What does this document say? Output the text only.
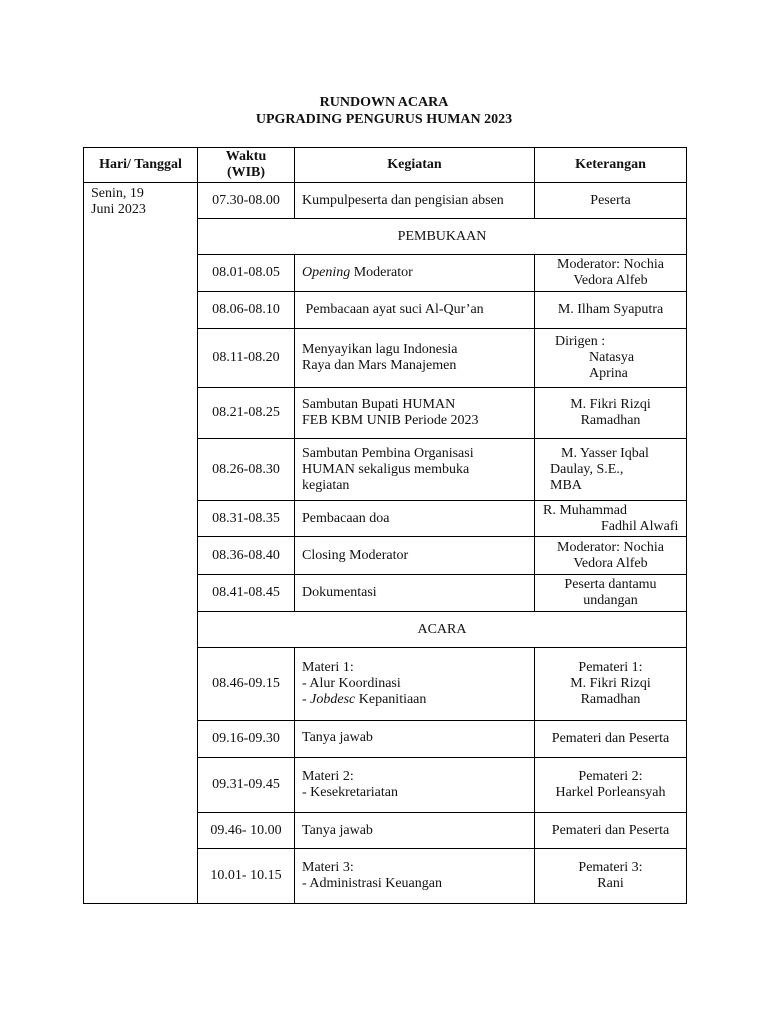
RUNDOWN ACARA
UPGRADING PENGURUS HUMAN 2023
Hari/ Tanggal	Waktu (WIB)	Kegiatan	Keterangan

Senin, 19
Juni 2023	07.30-08.00	Kumpulpeserta dan pengisian absen	Peserta
	PEMBUKAAN		
	08.01-08.05	Opening Moderator	Moderator: Nochia
Vedora Alfeb

	08.06-08.10	Pembacaan ayat suci Al-Qur’an	M. Ilham Syaputra
	08.11-08.20	Menyayikan lagu Indonesia
Raya dan Mars Manajemen	Dirigen :
Natasya
Aprina

	08.21-08.25	Sambutan Bupati HUMAN
FEB KBM UNIB Periode 2023	M. Fikri Rizqi
Ramadhan

	08.26-08.30	Sambutan Pembina Organisasi
HUMAN sekaligus membuka
kegiatan	M. Yasser Iqbal
Daulay, S.E.,
MBA

	08.31-08.35	Pembacaan doa	R. Muhammad
Fadhil Alwafi

	08.36-08.40	Closing Moderator	Moderator: Nochia
Vedora Alfeb

	08.41-08.45	Dokumentasi	Peserta dantamu
undangan

	ACARA		
	08.46-09.15	Materi 1:
- Alur Koordinasi
- Jobdesc Kepanitiaan	Pemateri 1:
M. Fikri Rizqi
Ramadhan

	09.16-09.30	Tanya jawab	Pemateri dan Peserta
	09.31-09.45	Materi 2:
- Kesekretariatan	Pemateri 2:
Harkel Porleansyah

	09.46- 10.00	Tanya jawab	Pemateri dan Peserta
	10.01- 10.15	Materi 3:
- Administrasi Keuangan	Pemateri 3:
Rani
